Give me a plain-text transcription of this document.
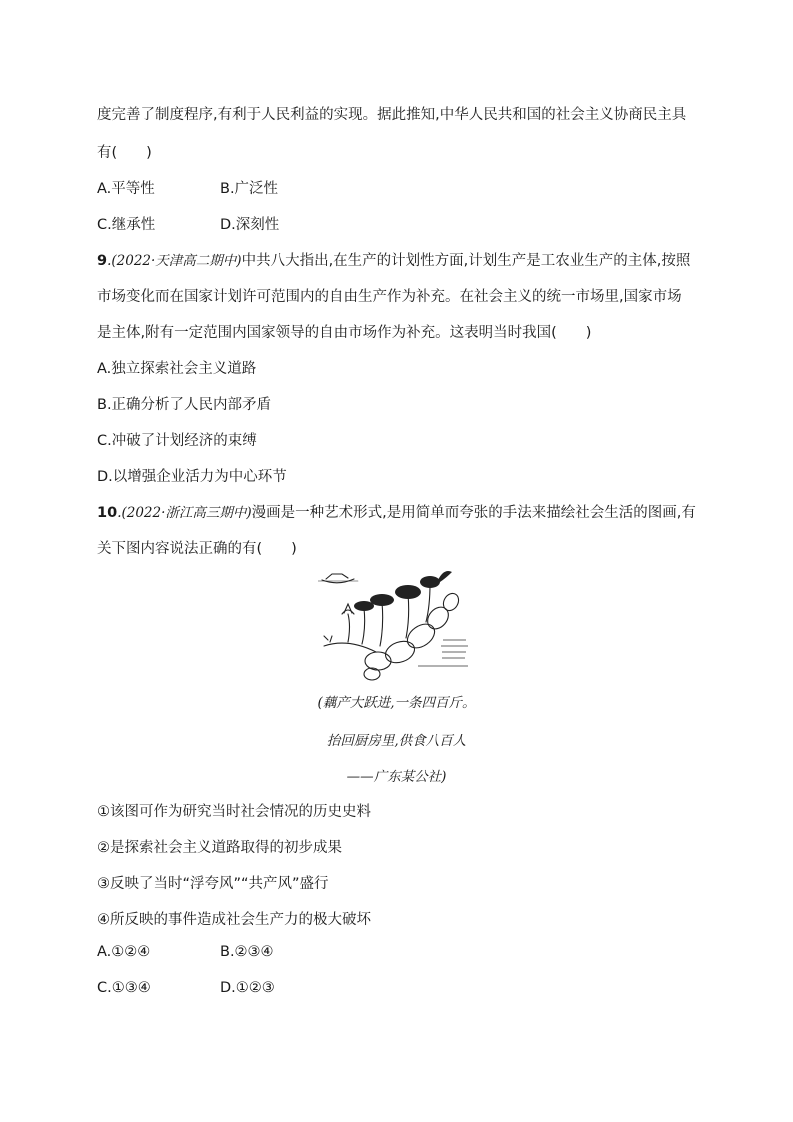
度完善了制度程序,有利于人民利益的实现。据此推知,中华人民共和国的社会主义协商民主具
有(　　)
A.平等性	B.广泛性
C.继承性	D.深刻性
9.(2022·天津高二期中)中共八大指出,在生产的计划性方面,计划生产是工农业生产的主体,按照
市场变化而在国家计划许可范围内的自由生产作为补充。在社会主义的统一市场里,国家市场
是主体,附有一定范围内国家领导的自由市场作为补充。这表明当时我国(　　)
A.独立探索社会主义道路
B.正确分析了人民内部矛盾
C.冲破了计划经济的束缚
D.以增强企业活力为中心环节
10.(2022·浙江高三期中)漫画是一种艺术形式,是用简单而夸张的手法来描绘社会生活的图画,有
关下图内容说法正确的有(　　)
(藕产大跃进,一条四百斤。
抬回厨房里,供食八百人
——广东某公社)
①该图可作为研究当时社会情况的历史史料
②是探索社会主义道路取得的初步成果
③反映了当时“浮夸风”“共产风”盛行
④所反映的事件造成社会生产力的极大破坏
A.①②④	B.②③④
C.①③④	D.①②③
